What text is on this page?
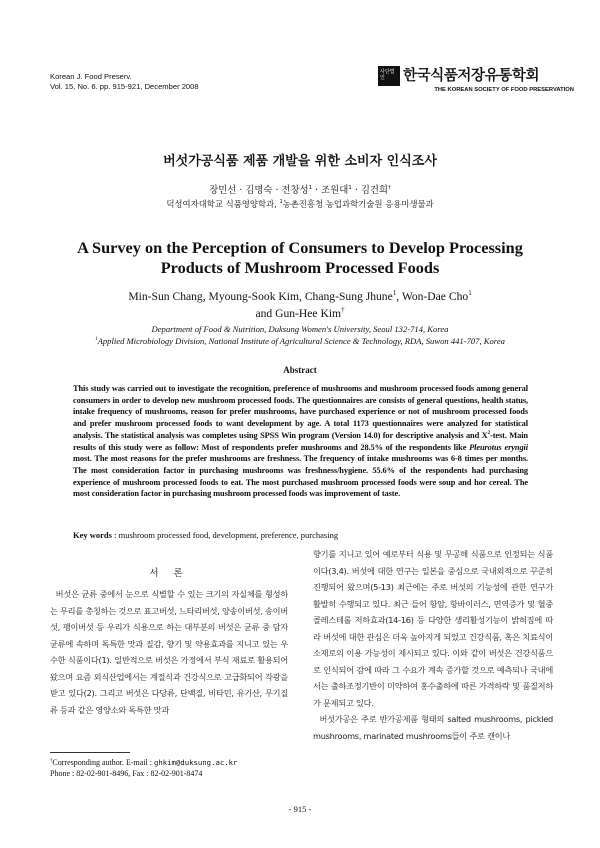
Korean J. Food Preserv.
Vol. 15, No. 6. pp. 915-921, December 2008
사단법인	한국식품저장유통학회
THE KOREAN SOCIETY OF FOOD PRESERVATION
버섯가공식품 제품 개발을 위한 소비자 인식조사
장민선 · 김명숙 · 전창성$^1$ · 조원대$^1$ · 김건희†
덕성여자대학교 식품영양학과, $^1$농촌진흥청 농업과학기술원 응용미생물과
A Survey on the Perception of Consumers to Develop Processing
Products of Mushroom Processed Foods
Min-Sun Chang, Myoung-Sook Kim, Chang-Sung Jhune$^1$, Won-Dae Cho$^1$
and Gun-Hee Kim†
Department of Food & Nutrition, Duksung Women's University, Seoul 132-714, Korea
$^1$Applied Microbiology Division, National Institute of Agricultural Science & Technology, RDA, Suwon 441-707, Korea
Abstract
This study was carried out to investigate the recognition, preference of mushrooms and mushroom processed foods among general consumers in order to develop new mushroom processed foods. The questionnaires are consists of general questions, health status, intake frequency of mushrooms, reason for prefer mushrooms, have purchased experience or not of mushroom processed foods and prefer mushroom processed foods to want development by age. A total 1173 questionnaires were analyzed for statistical analysis. The statistical analysis was completes using SPSS Win program (Version 14.0) for descriptive analysis and $X^2$-test. Main results of this study were as follow: Most of respondents prefer mushrooms and 28.5% of the respondents like Pleurotus eryngii most. The most reasons for the prefer mushrooms are freshness. The frequency of intake mushrooms was 6-8 times per months. The most consideration factor in purchasing mushrooms was freshness/hygiene. 55.6% of the respondents had purchasing experience of mushroom processed foods to eat. The most purchased mushroom processed foods were soup and hor cereal. The most consideration factor in purchasing mushroom processed foods was improvement of taste.
Key words : mushroom processed food, development, preference, purchasing
서 론
버섯은 균류 중에서 눈으로 식별할 수 있는 크기의 자실체를 형성하는 무리를 총칭하는 것으로 표고버섯, 느타리버섯, 양송이버섯, 송이버섯, 팽이버섯 등 우리가 식용으로 하는 대부분의 버섯은 균류 중 담자균류에 속하며 독특한 맛과 질감, 향기 및 약용효과를 지니고 있는 우수한 식품이다(1). 일반적으로 버섯은 가정에서 부식 재료로 활용되어 왔으며 요즘 외식산업에서는 계절식과 건강식으로 고급화되어 각광을 받고 있다(2). 그리고 버섯은 다당류, 단백질, 비타민, 유기산, 무기질류 등과 같은 영양소와 독특한 맛과
향기를 지니고 있어 예로부터 식용 및 무공해 식품으로 인정되는 식품이다(3,4). 버섯에 대한 연구는 일본을 중심으로 국내외적으로 꾸준히 진행되어 왔으며(5-13) 최근에는 주로 버섯의 기능성에 관한 연구가 활발히 수행되고 있다. 최근 들어 항암, 항바이러스, 면역증가 및 혈중 콜레스테롤 저하효과(14-16) 등 다양한 생리활성기능이 밝혀짐에 따라 버섯에 대한 관심은 더욱 높아지게 되었고 건강식품, 혹은 치료식이 소재로의 이용 가능성이 제시되고 있다. 이와 같이 버섯은 건강식품으로 인식되어 감에 따라 그 수요가 계속 증가할 것으로 예측되나 국내에서는 출하조정기반이 미약하여 홍수출하에 따른 가격하락 및 품질저하가 문제되고 있다.
버섯가공은 주로 반가공제품 형태의 salted mushrooms, pickled mushrooms, marinated mushrooms들이 주로 캔이나
†Corresponding author. E-mail : ghkim@duksung.ac.kr
Phone : 82-02-901-8496, Fax : 82-02-901-8474
- 915 -
